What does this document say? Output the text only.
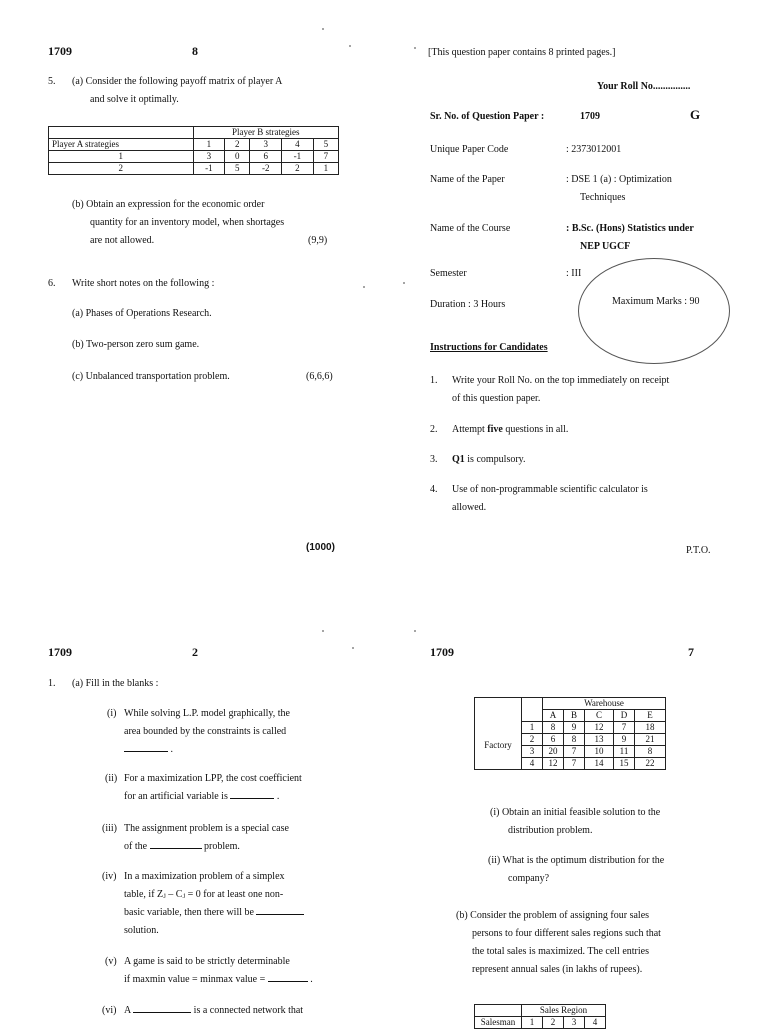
1709	8
5. (a) Consider the following payoff matrix of player A
and solve it optimally.
	Player B strategies				
Player A strategies	1	2	3	4	5
1	3	0	6	-1	7
2	-1	5	-2	2	1
(b) Obtain an expression for the economic order
quantity for an inventory model, when shortages
are not allowed.	(9,9)
6. Write short notes on the following :
(a) Phases of Operations Research.
(b) Two-person zero sum game.
(c) Unbalanced transportation problem.	(6,6,6)
(1000)
[This question paper contains 8 printed pages.]
Your Roll No...............
Sr. No. of Question Paper :	1709	G
Unique Paper Code	: 2373012001
Name of the Paper	: DSE 1 (a) : Optimization
Techniques
Name of the Course	: B.Sc. (Hons) Statistics under
NEP UGCF
Semester	: III
Duration : 3 Hours	Maximum Marks : 90
Instructions for Candidates
1. Write your Roll No. on the top immediately on receipt
of this question paper.
2. Attempt five questions in all.
3. Q1 is compulsory.
4. Use of non-programmable scientific calculator is
allowed.
P.T.O.
1709	2
1. (a) Fill in the blanks :
(i) While solving L.P. model graphically, the
area bounded by the constraints is called
.
(ii) For a maximization LPP, the cost coefficient
for an artificial variable is	.
(iii) The assignment problem is a special case
of the	problem.
(iv) In a maximization problem of a simplex
table, if Zⱼ – Cⱼ = 0 for at least one non-
basic variable, then there will be
solution.
(v) A game is said to be strictly determinable
if maxmin value = minmax value =	.
(vi) A	is a connected network that
1709	7
		Warehouse				
		A	B	C	D	E
Factory	1	8	9	12	7	18
	2	6	8	13	9	21
	3	20	7	10	11	8
	4	12	7	14	15	22
(i) Obtain an initial feasible solution to the
distribution problem.
(ii) What is the optimum distribution for the
company?
(b) Consider the problem of assigning four sales
persons to four different sales regions such that
the total sales is maximized. The cell entries
represent annual sales (in lakhs of rupees).
	Sales Region			
Salesman	1	2	3	4
